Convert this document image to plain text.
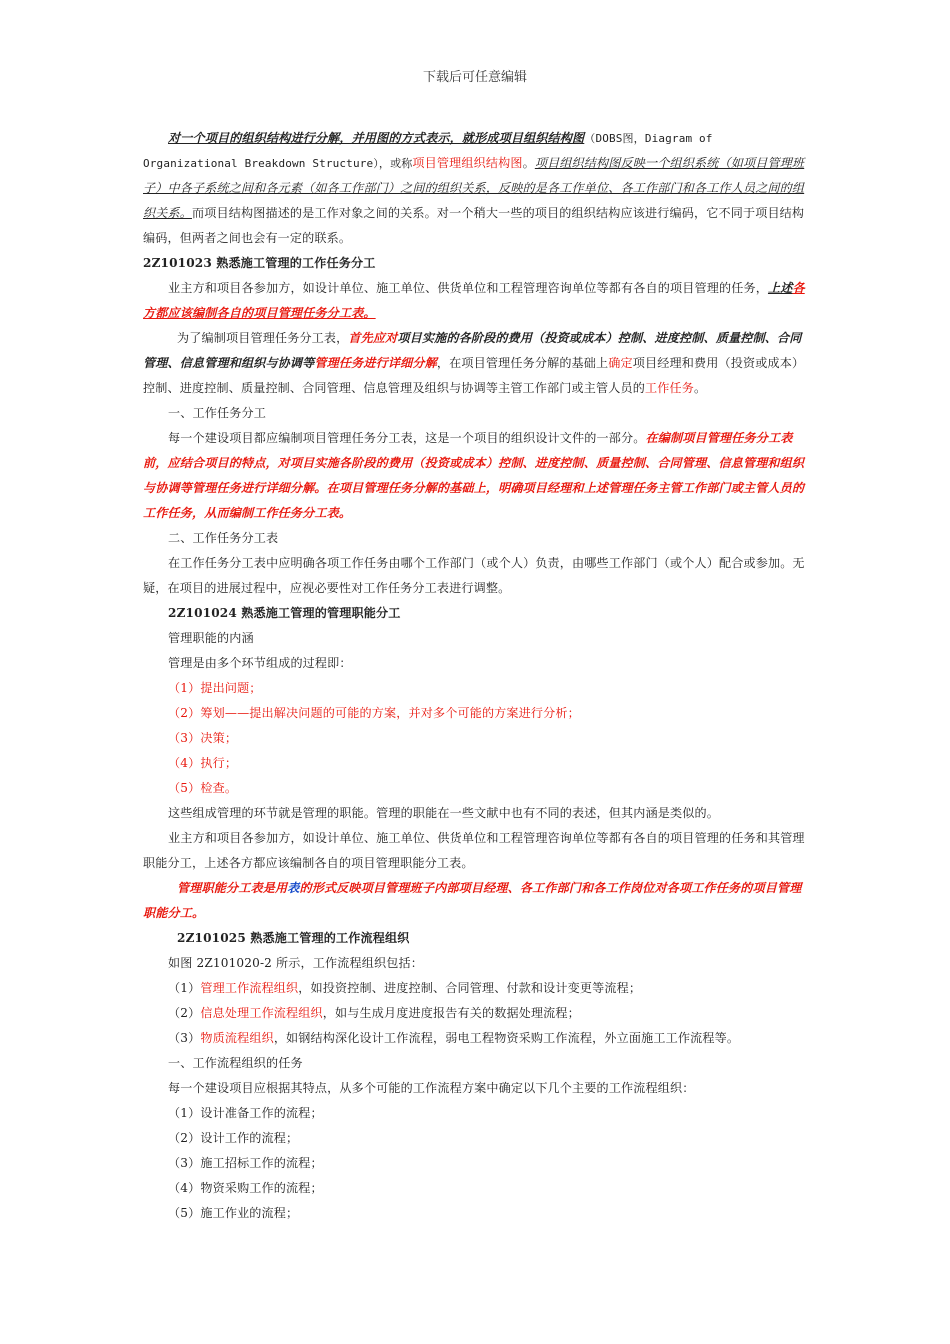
下载后可任意编辑

对一个项目的组织结构进行分解，并用图的方式表示，就形成项目组织结构图（DOBS图，Diagram of Organizational Breakdown Structure），或称项目管理组织结构图。项目组织结构图反映一个组织系统（如项目管理班子）中各子系统之间和各元素（如各工作部门）之间的组织关系，反映的是各工作单位、各工作部门和各工作人员之间的组织关系。而项目结构图描述的是工作对象之间的关系。对一个稍大一些的项目的组织结构应该进行编码，它不同于项目结构编码，但两者之间也会有一定的联系。

2Z101023 熟悉施工管理的工作任务分工

业主方和项目各参加方，如设计单位、施工单位、供货单位和工程管理咨询单位等都有各自的项目管理的任务，上述各方都应该编制各自的项目管理任务分工表。

为了编制项目管理任务分工表，首先应对项目实施的各阶段的费用（投资或成本）控制、进度控制、质量控制、合同管理、信息管理和组织与协调等管理任务进行详细分解，在项目管理任务分解的基础上确定项目经理和费用（投资或成本）控制、进度控制、质量控制、合同管理、信息管理及组织与协调等主管工作部门或主管人员的工作任务。

一、工作任务分工

每一个建设项目都应编制项目管理任务分工表，这是一个项目的组织设计文件的一部分。在编制项目管理任务分工表前，应结合项目的特点，对项目实施各阶段的费用（投资或成本）控制、进度控制、质量控制、合同管理、信息管理和组织与协调等管理任务进行详细分解。在项目管理任务分解的基础上，明确项目经理和上述管理任务主管工作部门或主管人员的工作任务，从而编制工作任务分工表。

二、工作任务分工表

在工作任务分工表中应明确各项工作任务由哪个工作部门（或个人）负责，由哪些工作部门（或个人）配合或参加。无疑，在项目的进展过程中，应视必要性对工作任务分工表进行调整。

2Z101024 熟悉施工管理的管理职能分工

管理职能的内涵

管理是由多个环节组成的过程即：

（1）提出问题；

（2）筹划——提出解决问题的可能的方案，并对多个可能的方案进行分析；

（3）决策；

（4）执行；

（5）检查。

这些组成管理的环节就是管理的职能。管理的职能在一些文献中也有不同的表述，但其内涵是类似的。

业主方和项目各参加方，如设计单位、施工单位、供货单位和工程管理咨询单位等都有各自的项目管理的任务和其管理职能分工，上述各方都应该编制各自的项目管理职能分工表。

管理职能分工表是用表的形式反映项目管理班子内部项目经理、各工作部门和各工作岗位对各项工作任务的项目管理职能分工。

2Z101025 熟悉施工管理的工作流程组织

如图 2Z101020-2 所示，工作流程组织包括：

（1）管理工作流程组织，如投资控制、进度控制、合同管理、付款和设计变更等流程；

（2）信息处理工作流程组织，如与生成月度进度报告有关的数据处理流程；

（3）物质流程组织，如钢结构深化设计工作流程，弱电工程物资采购工作流程，外立面施工工作流程等。

一、工作流程组织的任务

每一个建设项目应根据其特点，从多个可能的工作流程方案中确定以下几个主要的工作流程组织：

（1）设计准备工作的流程；

（2）设计工作的流程；

（3）施工招标工作的流程；

（4）物资采购工作的流程；

（5）施工作业的流程；
